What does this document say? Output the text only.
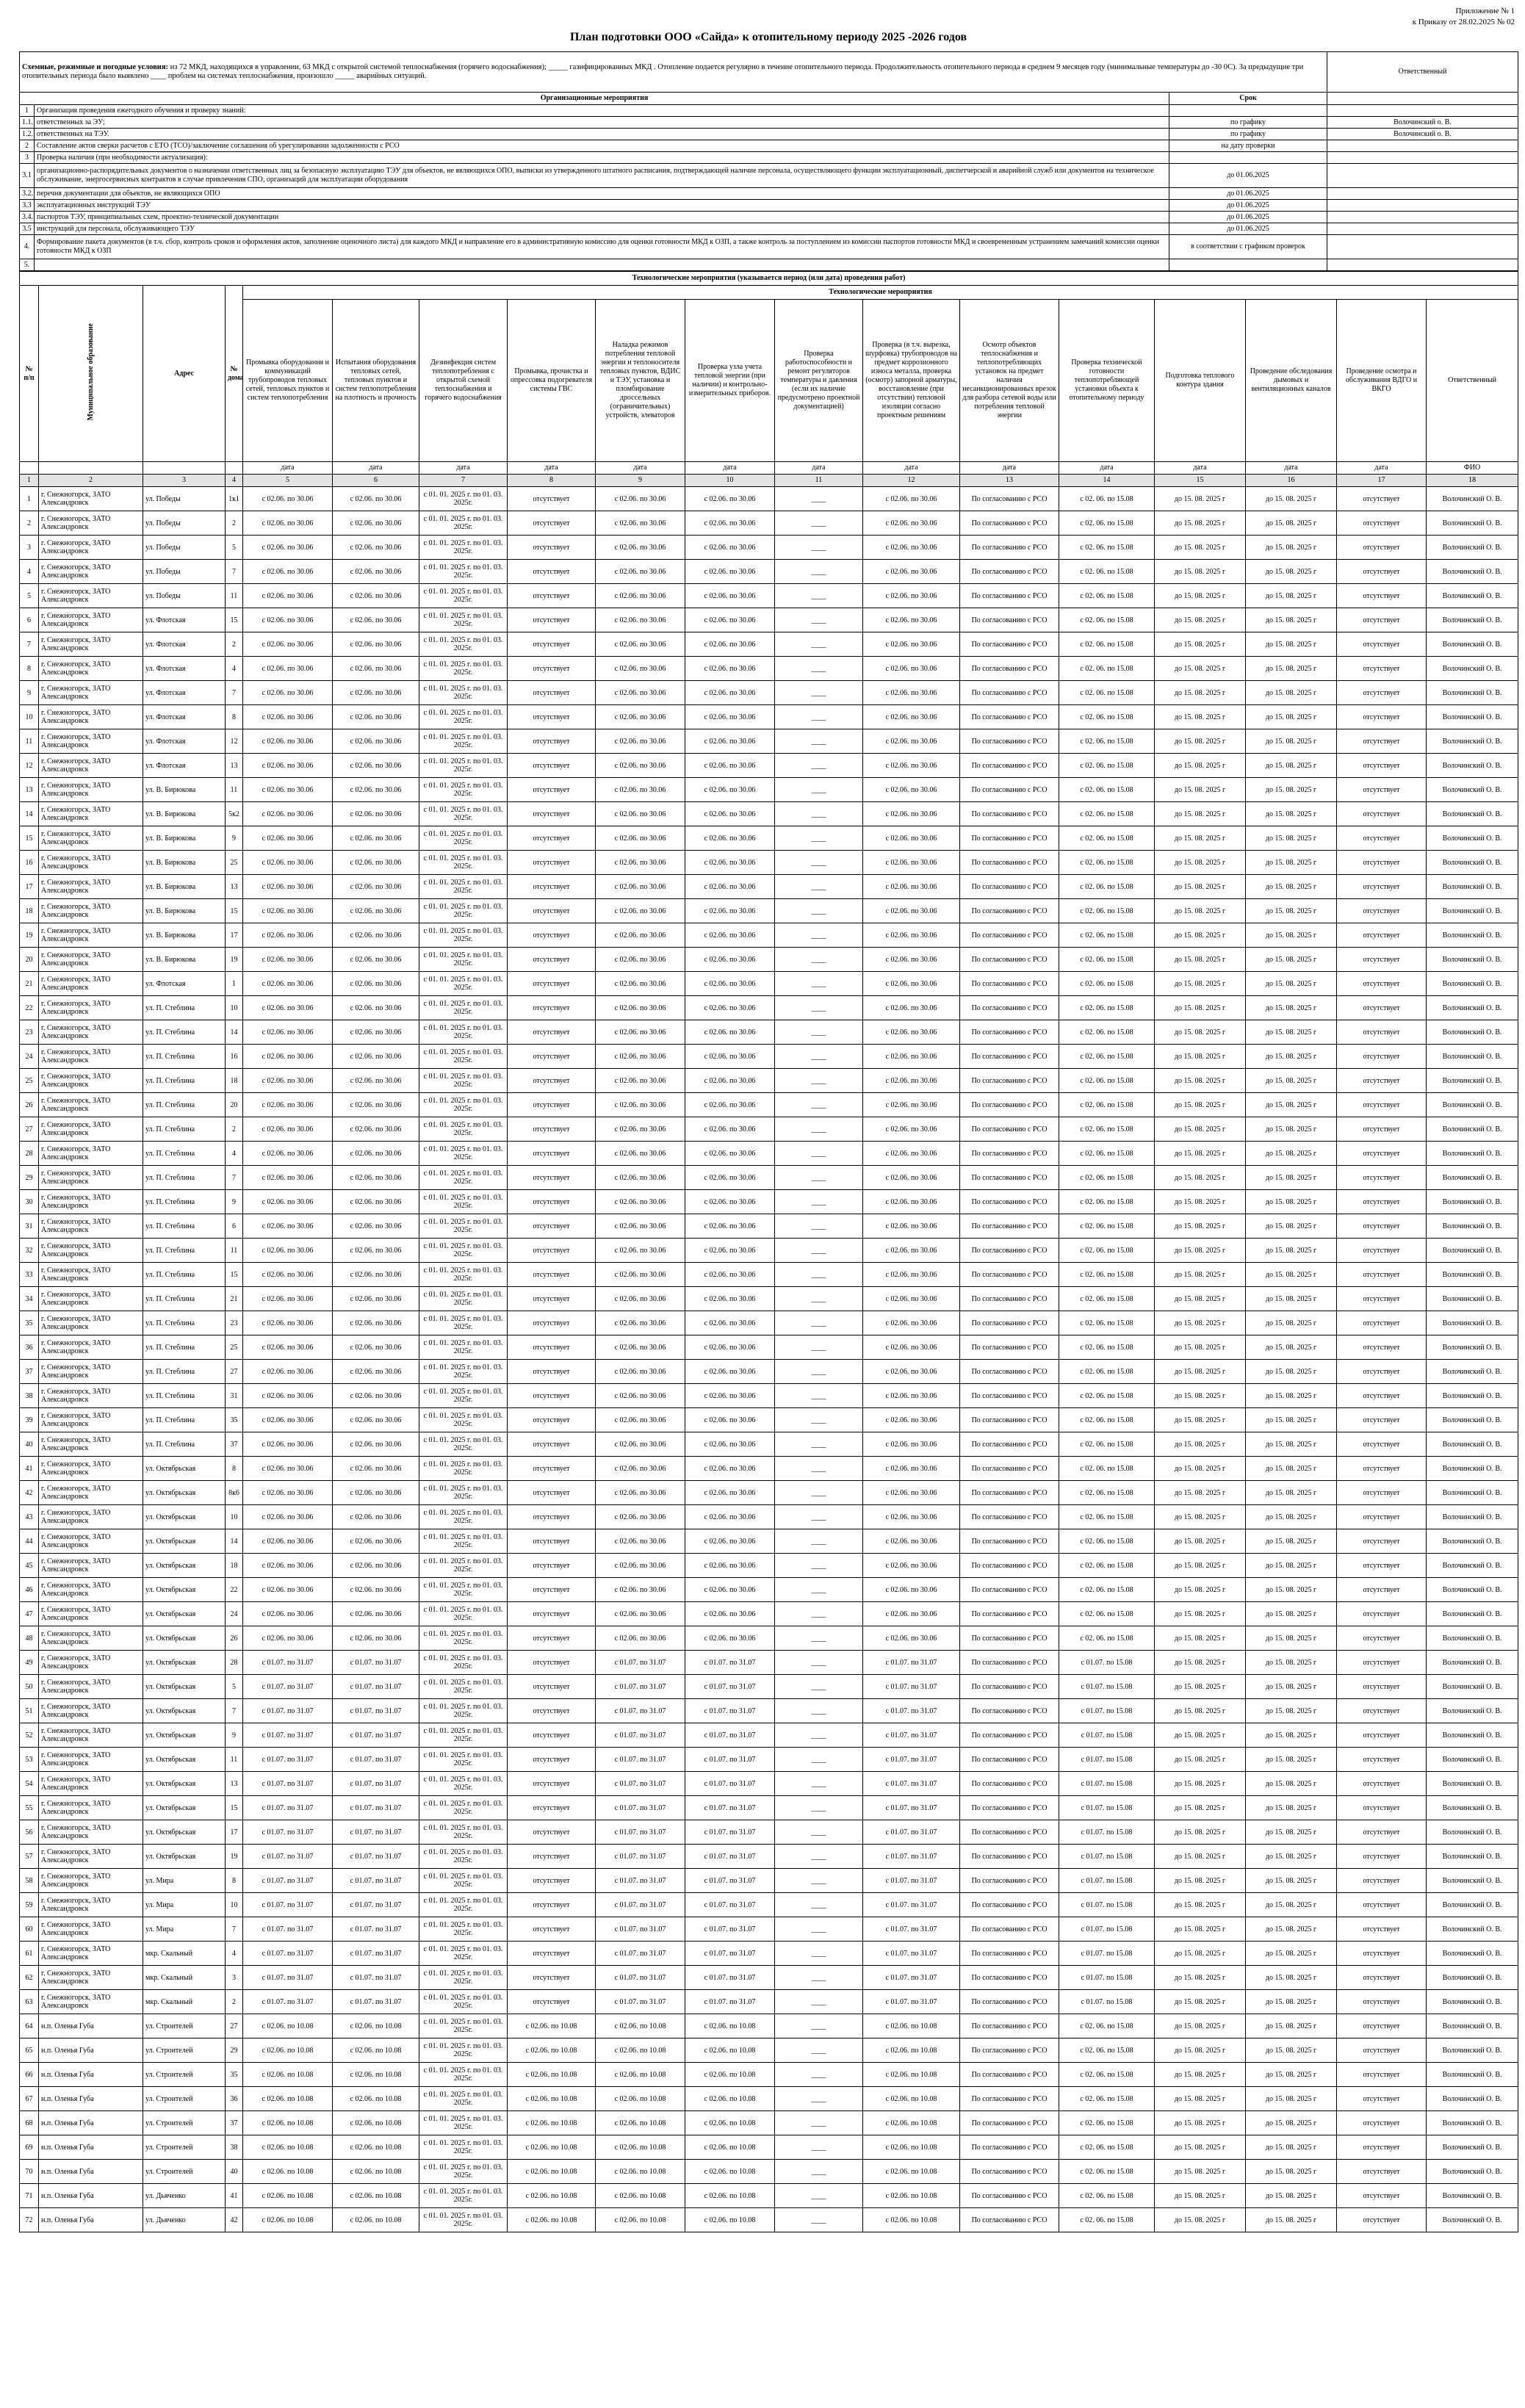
Приложение № 1
к Приказу от 28.02.2025 № 02
План подготовки ООО «Сайда» к отопительному периоду 2025 -2026 годов
Схемные, режимные и погодные условия: из 72 МКД, находящихся в управлении, 63 МКД с открытой системой теплоснабжения (горячего водоснабжения); _____ газифицированных МКД . Отопление подается регулярно в течение отопительного периода. Продолжительность отопительного периода в среднем 9 месяцев году (минимальные температуры до -30 0С). За предыдущие три отопительных периода было выявлено ____ проблем на системах теплоснабжения, произошло _____ аварийных ситуаций.			Ответственный
Организационные мероприятия		Срок	
1	Организация проведения ежегодного обучения и проверку знаний:		
1.1.	ответственных за ЭУ;	по графику	Волочинский о. В.
1.2.	ответственных на ТЭУ.	по графику	Волочинский о. В.
2	Составление актов сверки расчетов с ЕТО (ТСО)/заключение соглашения об урегулировании задолженности с РСО	на дату проверки	
3	Проверка наличия (при необходимости актуализация):		
3.1	организационно-распорядительных документов о назначении ответственных лиц за безопасную эксплуатацию ТЭУ для объектов, не являющихся ОПО, выписки из утвержденного штатного расписания, подтверждающей наличие персонала, осуществляющего функции эксплуатационный, диспетчерской и аварийной служб или документов на техническое обслуживание, энергосервисных контрактов в случае привлечения СПО, организаций для эксплуатации оборудования	до 01.06.2025	
3.2.	перечня документации для объектов, не являющихся ОПО	до 01.06.2025	
3.3	эксплуатационных инструкций ТЭУ	до 01.06.2025	
3.4.	паспортов ТЭУ, принципиальных схем, проектно-технической документации	до 01.06.2025	
3.5	инструкций для персонала, обслуживающего ТЭУ	до 01.06.2025	
4.	Формирование пакета документов (в т.ч. сбор, контроль сроков и оформления актов, заполнение оценочного листа) для каждого МКД и направление его в административную комиссию для оценки готовности МКД к ОЗП, а также контроль за поступлением из комиссии паспортов готовности МКД и своевременным устранением замечаний комиссии оценки готовности МКД к ОЗП	в соответствии с графиком проверок	
5.			
Технологические мероприятия (указывается период (или дата) проведения работ)																	
№ п/п	Муниципальное образование	Адрес	№ дома	Технологические мероприятия													
				Промывка оборудования и коммуникаций трубопроводов тепловых сетей, тепловых пунктов и систем теплопотребления	Испытания оборудования тепловых сетей, тепловых пунктов и систем теплопотребления на плотность и прочность	Дезинфекция систем теплопотребления с открытой схемой теплоснабжения и горячего водоснабжения	Промывка, прочистка и опрессовка подогревателя системы ГВС	Наладка режимов потребления тепловой энергии и теплоносителя тепловых пунктов, ВДИС и ТЭУ, установка и пломбирование дроссельных (ограничительных) устройств, элеваторов	Проверка узла учета тепловой энергии (при наличии) и контрольно-измерительных приборов.	Проверка работоспособности и ремонт регуляторов температуры и давления (если их наличие предусмотрено проектной документацией)	Проверка (в т.ч. вырезка, шурфовка) трубопроводов на предмет коррозионного износа металла, проверка (осмотр) запорной арматуры, восстановление (при отсутствии) тепловой изоляции согласно проектным решениям	Осмотр объектов теплоснабжения и теплопотребляющих установок на предмет наличия несанкционированных врезок для разбора сетевой воды или потребления тепловой энергии	Проверка технической готовности теплопотребляющей установки объекта к отопительному периоду	Подготовка теплового контура здания	Проведение обследования дымовых и вентиляционных каналов	Проведение осмотра и обслуживания ВДГО и ВКГО	Ответственный
				дата	дата	дата	дата	дата	дата	дата	дата	дата	дата	дата	дата	дата	ФИО
1	2	3	4	5	6	7	8	9	10	11	12	13	14	15	16	17	18
1	г. Снежногорск, ЗАТО Александровск	ул. Победы	1к1	с 02.06. по 30.06	с 02.06. по 30.06	с 01. 01. 2025 г. по 01. 03. 2025г.	отсутствует	с 02.06. по 30.06	с 02.06. по 30.06	____	с 02.06. по 30.06	По согласованию с РСО	с 02. 06. по 15.08	до 15. 08. 2025 г	до 15. 08. 2025 г	отсутствует	Волочинский О. В.
2	г. Снежногорск, ЗАТО Александровск	ул. Победы	2	с 02.06. по 30.06	с 02.06. по 30.06	с 01. 01. 2025 г. по 01. 03. 2025г.	отсутствует	с 02.06. по 30.06	с 02.06. по 30.06	____	с 02.06. по 30.06	По согласованию с РСО	с 02. 06. по 15.08	до 15. 08. 2025 г	до 15. 08. 2025 г	отсутствует	Волочинский О. В.
3	г. Снежногорск, ЗАТО Александровск	ул. Победы	5	с 02.06. по 30.06	с 02.06. по 30.06	с 01. 01. 2025 г. по 01. 03. 2025г.	отсутствует	с 02.06. по 30.06	с 02.06. по 30.06	____	с 02.06. по 30.06	По согласованию с РСО	с 02. 06. по 15.08	до 15. 08. 2025 г	до 15. 08. 2025 г	отсутствует	Волочинский О. В.
4	г. Снежногорск, ЗАТО Александровск	ул. Победы	7	с 02.06. по 30.06	с 02.06. по 30.06	с 01. 01. 2025 г. по 01. 03. 2025г.	отсутствует	с 02.06. по 30.06	с 02.06. по 30.06	____	с 02.06. по 30.06	По согласованию с РСО	с 02. 06. по 15.08	до 15. 08. 2025 г	до 15. 08. 2025 г	отсутствует	Волочинский О. В.
5	г. Снежногорск, ЗАТО Александровск	ул. Победы	11	с 02.06. по 30.06	с 02.06. по 30.06	с 01. 01. 2025 г. по 01. 03. 2025г.	отсутствует	с 02.06. по 30.06	с 02.06. по 30.06	____	с 02.06. по 30.06	По согласованию с РСО	с 02. 06. по 15.08	до 15. 08. 2025 г	до 15. 08. 2025 г	отсутствует	Волочинский О. В.
6	г. Снежногорск, ЗАТО Александровск	ул. Флотская	15	с 02.06. по 30.06	с 02.06. по 30.06	с 01. 01. 2025 г. по 01. 03. 2025г.	отсутствует	с 02.06. по 30.06	с 02.06. по 30.06	____	с 02.06. по 30.06	По согласованию с РСО	с 02. 06. по 15.08	до 15. 08. 2025 г	до 15. 08. 2025 г	отсутствует	Волочинский О. В.
7	г. Снежногорск, ЗАТО Александровск	ул. Флотская	2	с 02.06. по 30.06	с 02.06. по 30.06	с 01. 01. 2025 г. по 01. 03. 2025г.	отсутствует	с 02.06. по 30.06	с 02.06. по 30.06	____	с 02.06. по 30.06	По согласованию с РСО	с 02. 06. по 15.08	до 15. 08. 2025 г	до 15. 08. 2025 г	отсутствует	Волочинский О. В.
8	г. Снежногорск, ЗАТО Александровск	ул. Флотская	4	с 02.06. по 30.06	с 02.06. по 30.06	с 01. 01. 2025 г. по 01. 03. 2025г.	отсутствует	с 02.06. по 30.06	с 02.06. по 30.06	____	с 02.06. по 30.06	По согласованию с РСО	с 02. 06. по 15.08	до 15. 08. 2025 г	до 15. 08. 2025 г	отсутствует	Волочинский О. В.
9	г. Снежногорск, ЗАТО Александровск	ул. Флотская	7	с 02.06. по 30.06	с 02.06. по 30.06	с 01. 01. 2025 г. по 01. 03. 2025г.	отсутствует	с 02.06. по 30.06	с 02.06. по 30.06	____	с 02.06. по 30.06	По согласованию с РСО	с 02. 06. по 15.08	до 15. 08. 2025 г	до 15. 08. 2025 г	отсутствует	Волочинский О. В.
10	г. Снежногорск, ЗАТО Александровск	ул. Флотская	8	с 02.06. по 30.06	с 02.06. по 30.06	с 01. 01. 2025 г. по 01. 03. 2025г.	отсутствует	с 02.06. по 30.06	с 02.06. по 30.06	____	с 02.06. по 30.06	По согласованию с РСО	с 02. 06. по 15.08	до 15. 08. 2025 г	до 15. 08. 2025 г	отсутствует	Волочинский О. В.
11	г. Снежногорск, ЗАТО Александровск	ул. Флотская	12	с 02.06. по 30.06	с 02.06. по 30.06	с 01. 01. 2025 г. по 01. 03. 2025г.	отсутствует	с 02.06. по 30.06	с 02.06. по 30.06	____	с 02.06. по 30.06	По согласованию с РСО	с 02. 06. по 15.08	до 15. 08. 2025 г	до 15. 08. 2025 г	отсутствует	Волочинский О. В.
12	г. Снежногорск, ЗАТО Александровск	ул. Флотская	13	с 02.06. по 30.06	с 02.06. по 30.06	с 01. 01. 2025 г. по 01. 03. 2025г.	отсутствует	с 02.06. по 30.06	с 02.06. по 30.06	____	с 02.06. по 30.06	По согласованию с РСО	с 02. 06. по 15.08	до 15. 08. 2025 г	до 15. 08. 2025 г	отсутствует	Волочинский О. В.
13	г. Снежногорск, ЗАТО Александровск	ул. В. Бирюкова	11	с 02.06. по 30.06	с 02.06. по 30.06	с 01. 01. 2025 г. по 01. 03. 2025г.	отсутствует	с 02.06. по 30.06	с 02.06. по 30.06	____	с 02.06. по 30.06	По согласованию с РСО	с 02. 06. по 15.08	до 15. 08. 2025 г	до 15. 08. 2025 г	отсутствует	Волочинский О. В.
14	г. Снежногорск, ЗАТО Александровск	ул. В. Бирюкова	5к2	с 02.06. по 30.06	с 02.06. по 30.06	с 01. 01. 2025 г. по 01. 03. 2025г.	отсутствует	с 02.06. по 30.06	с 02.06. по 30.06	____	с 02.06. по 30.06	По согласованию с РСО	с 02. 06. по 15.08	до 15. 08. 2025 г	до 15. 08. 2025 г	отсутствует	Волочинский О. В.
15	г. Снежногорск, ЗАТО Александровск	ул. В. Бирюкова	9	с 02.06. по 30.06	с 02.06. по 30.06	с 01. 01. 2025 г. по 01. 03. 2025г.	отсутствует	с 02.06. по 30.06	с 02.06. по 30.06	____	с 02.06. по 30.06	По согласованию с РСО	с 02. 06. по 15.08	до 15. 08. 2025 г	до 15. 08. 2025 г	отсутствует	Волочинский О. В.
16	г. Снежногорск, ЗАТО Александровск	ул. В. Бирюкова	25	с 02.06. по 30.06	с 02.06. по 30.06	с 01. 01. 2025 г. по 01. 03. 2025г.	отсутствует	с 02.06. по 30.06	с 02.06. по 30.06	____	с 02.06. по 30.06	По согласованию с РСО	с 02. 06. по 15.08	до 15. 08. 2025 г	до 15. 08. 2025 г	отсутствует	Волочинский О. В.
17	г. Снежногорск, ЗАТО Александровск	ул. В. Бирюкова	13	с 02.06. по 30.06	с 02.06. по 30.06	с 01. 01. 2025 г. по 01. 03. 2025г.	отсутствует	с 02.06. по 30.06	с 02.06. по 30.06	____	с 02.06. по 30.06	По согласованию с РСО	с 02. 06. по 15.08	до 15. 08. 2025 г	до 15. 08. 2025 г	отсутствует	Волочинский О. В.
18	г. Снежногорск, ЗАТО Александровск	ул. В. Бирюкова	15	с 02.06. по 30.06	с 02.06. по 30.06	с 01. 01. 2025 г. по 01. 03. 2025г.	отсутствует	с 02.06. по 30.06	с 02.06. по 30.06	____	с 02.06. по 30.06	По согласованию с РСО	с 02. 06. по 15.08	до 15. 08. 2025 г	до 15. 08. 2025 г	отсутствует	Волочинский О. В.
19	г. Снежногорск, ЗАТО Александровск	ул. В. Бирюкова	17	с 02.06. по 30.06	с 02.06. по 30.06	с 01. 01. 2025 г. по 01. 03. 2025г.	отсутствует	с 02.06. по 30.06	с 02.06. по 30.06	____	с 02.06. по 30.06	По согласованию с РСО	с 02. 06. по 15.08	до 15. 08. 2025 г	до 15. 08. 2025 г	отсутствует	Волочинский О. В.
20	г. Снежногорск, ЗАТО Александровск	ул. В. Бирюкова	19	с 02.06. по 30.06	с 02.06. по 30.06	с 01. 01. 2025 г. по 01. 03. 2025г.	отсутствует	с 02.06. по 30.06	с 02.06. по 30.06	____	с 02.06. по 30.06	По согласованию с РСО	с 02. 06. по 15.08	до 15. 08. 2025 г	до 15. 08. 2025 г	отсутствует	Волочинский О. В.
21	г. Снежногорск, ЗАТО Александровск	ул. Флотская	1	с 02.06. по 30.06	с 02.06. по 30.06	с 01. 01. 2025 г. по 01. 03. 2025г.	отсутствует	с 02.06. по 30.06	с 02.06. по 30.06	____	с 02.06. по 30.06	По согласованию с РСО	с 02. 06. по 15.08	до 15. 08. 2025 г	до 15. 08. 2025 г	отсутствует	Волочинский О. В.
22	г. Снежногорск, ЗАТО Александровск	ул. П. Стеблина	10	с 02.06. по 30.06	с 02.06. по 30.06	с 01. 01. 2025 г. по 01. 03. 2025г.	отсутствует	с 02.06. по 30.06	с 02.06. по 30.06	____	с 02.06. по 30.06	По согласованию с РСО	с 02. 06. по 15.08	до 15. 08. 2025 г	до 15. 08. 2025 г	отсутствует	Волочинский О. В.
23	г. Снежногорск, ЗАТО Александровск	ул. П. Стеблина	14	с 02.06. по 30.06	с 02.06. по 30.06	с 01. 01. 2025 г. по 01. 03. 2025г.	отсутствует	с 02.06. по 30.06	с 02.06. по 30.06	____	с 02.06. по 30.06	По согласованию с РСО	с 02. 06. по 15.08	до 15. 08. 2025 г	до 15. 08. 2025 г	отсутствует	Волочинский О. В.
24	г. Снежногорск, ЗАТО Александровск	ул. П. Стеблина	16	с 02.06. по 30.06	с 02.06. по 30.06	с 01. 01. 2025 г. по 01. 03. 2025г.	отсутствует	с 02.06. по 30.06	с 02.06. по 30.06	____	с 02.06. по 30.06	По согласованию с РСО	с 02. 06. по 15.08	до 15. 08. 2025 г	до 15. 08. 2025 г	отсутствует	Волочинский О. В.
25	г. Снежногорск, ЗАТО Александровск	ул. П. Стеблина	18	с 02.06. по 30.06	с 02.06. по 30.06	с 01. 01. 2025 г. по 01. 03. 2025г.	отсутствует	с 02.06. по 30.06	с 02.06. по 30.06	____	с 02.06. по 30.06	По согласованию с РСО	с 02. 06. по 15.08	до 15. 08. 2025 г	до 15. 08. 2025 г	отсутствует	Волочинский О. В.
26	г. Снежногорск, ЗАТО Александровск	ул. П. Стеблина	20	с 02.06. по 30.06	с 02.06. по 30.06	с 01. 01. 2025 г. по 01. 03. 2025г.	отсутствует	с 02.06. по 30.06	с 02.06. по 30.06	____	с 02.06. по 30.06	По согласованию с РСО	с 02. 06. по 15.08	до 15. 08. 2025 г	до 15. 08. 2025 г	отсутствует	Волочинский О. В.
27	г. Снежногорск, ЗАТО Александровск	ул. П. Стеблина	2	с 02.06. по 30.06	с 02.06. по 30.06	с 01. 01. 2025 г. по 01. 03. 2025г.	отсутствует	с 02.06. по 30.06	с 02.06. по 30.06	____	с 02.06. по 30.06	По согласованию с РСО	с 02. 06. по 15.08	до 15. 08. 2025 г	до 15. 08. 2025 г	отсутствует	Волочинский О. В.
28	г. Снежногорск, ЗАТО Александровск	ул. П. Стеблина	4	с 02.06. по 30.06	с 02.06. по 30.06	с 01. 01. 2025 г. по 01. 03. 2025г.	отсутствует	с 02.06. по 30.06	с 02.06. по 30.06	____	с 02.06. по 30.06	По согласованию с РСО	с 02. 06. по 15.08	до 15. 08. 2025 г	до 15. 08. 2025 г	отсутствует	Волочинский О. В.
29	г. Снежногорск, ЗАТО Александровск	ул. П. Стеблина	7	с 02.06. по 30.06	с 02.06. по 30.06	с 01. 01. 2025 г. по 01. 03. 2025г.	отсутствует	с 02.06. по 30.06	с 02.06. по 30.06	____	с 02.06. по 30.06	По согласованию с РСО	с 02. 06. по 15.08	до 15. 08. 2025 г	до 15. 08. 2025 г	отсутствует	Волочинский О. В.
30	г. Снежногорск, ЗАТО Александровск	ул. П. Стеблина	9	с 02.06. по 30.06	с 02.06. по 30.06	с 01. 01. 2025 г. по 01. 03. 2025г.	отсутствует	с 02.06. по 30.06	с 02.06. по 30.06	____	с 02.06. по 30.06	По согласованию с РСО	с 02. 06. по 15.08	до 15. 08. 2025 г	до 15. 08. 2025 г	отсутствует	Волочинский О. В.
31	г. Снежногорск, ЗАТО Александровск	ул. П. Стеблина	6	с 02.06. по 30.06	с 02.06. по 30.06	с 01. 01. 2025 г. по 01. 03. 2025г.	отсутствует	с 02.06. по 30.06	с 02.06. по 30.06	____	с 02.06. по 30.06	По согласованию с РСО	с 02. 06. по 15.08	до 15. 08. 2025 г	до 15. 08. 2025 г	отсутствует	Волочинский О. В.
32	г. Снежногорск, ЗАТО Александровск	ул. П. Стеблина	11	с 02.06. по 30.06	с 02.06. по 30.06	с 01. 01. 2025 г. по 01. 03. 2025г.	отсутствует	с 02.06. по 30.06	с 02.06. по 30.06	____	с 02.06. по 30.06	По согласованию с РСО	с 02. 06. по 15.08	до 15. 08. 2025 г	до 15. 08. 2025 г	отсутствует	Волочинский О. В.
33	г. Снежногорск, ЗАТО Александровск	ул. П. Стеблина	15	с 02.06. по 30.06	с 02.06. по 30.06	с 01. 01. 2025 г. по 01. 03. 2025г.	отсутствует	с 02.06. по 30.06	с 02.06. по 30.06	____	с 02.06. по 30.06	По согласованию с РСО	с 02. 06. по 15.08	до 15. 08. 2025 г	до 15. 08. 2025 г	отсутствует	Волочинский О. В.
34	г. Снежногорск, ЗАТО Александровск	ул. П. Стеблина	21	с 02.06. по 30.06	с 02.06. по 30.06	с 01. 01. 2025 г. по 01. 03. 2025г.	отсутствует	с 02.06. по 30.06	с 02.06. по 30.06	____	с 02.06. по 30.06	По согласованию с РСО	с 02. 06. по 15.08	до 15. 08. 2025 г	до 15. 08. 2025 г	отсутствует	Волочинский О. В.
35	г. Снежногорск, ЗАТО Александровск	ул. П. Стеблина	23	с 02.06. по 30.06	с 02.06. по 30.06	с 01. 01. 2025 г. по 01. 03. 2025г.	отсутствует	с 02.06. по 30.06	с 02.06. по 30.06	____	с 02.06. по 30.06	По согласованию с РСО	с 02. 06. по 15.08	до 15. 08. 2025 г	до 15. 08. 2025 г	отсутствует	Волочинский О. В.
36	г. Снежногорск, ЗАТО Александровск	ул. П. Стеблина	25	с 02.06. по 30.06	с 02.06. по 30.06	с 01. 01. 2025 г. по 01. 03. 2025г.	отсутствует	с 02.06. по 30.06	с 02.06. по 30.06	____	с 02.06. по 30.06	По согласованию с РСО	с 02. 06. по 15.08	до 15. 08. 2025 г	до 15. 08. 2025 г	отсутствует	Волочинский О. В.
37	г. Снежногорск, ЗАТО Александровск	ул. П. Стеблина	27	с 02.06. по 30.06	с 02.06. по 30.06	с 01. 01. 2025 г. по 01. 03. 2025г.	отсутствует	с 02.06. по 30.06	с 02.06. по 30.06	____	с 02.06. по 30.06	По согласованию с РСО	с 02. 06. по 15.08	до 15. 08. 2025 г	до 15. 08. 2025 г	отсутствует	Волочинский О. В.
38	г. Снежногорск, ЗАТО Александровск	ул. П. Стеблина	31	с 02.06. по 30.06	с 02.06. по 30.06	с 01. 01. 2025 г. по 01. 03. 2025г.	отсутствует	с 02.06. по 30.06	с 02.06. по 30.06	____	с 02.06. по 30.06	По согласованию с РСО	с 02. 06. по 15.08	до 15. 08. 2025 г	до 15. 08. 2025 г	отсутствует	Волочинский О. В.
39	г. Снежногорск, ЗАТО Александровск	ул. П. Стеблина	35	с 02.06. по 30.06	с 02.06. по 30.06	с 01. 01. 2025 г. по 01. 03. 2025г.	отсутствует	с 02.06. по 30.06	с 02.06. по 30.06	____	с 02.06. по 30.06	По согласованию с РСО	с 02. 06. по 15.08	до 15. 08. 2025 г	до 15. 08. 2025 г	отсутствует	Волочинский О. В.
40	г. Снежногорск, ЗАТО Александровск	ул. П. Стеблина	37	с 02.06. по 30.06	с 02.06. по 30.06	с 01. 01. 2025 г. по 01. 03. 2025г.	отсутствует	с 02.06. по 30.06	с 02.06. по 30.06	____	с 02.06. по 30.06	По согласованию с РСО	с 02. 06. по 15.08	до 15. 08. 2025 г	до 15. 08. 2025 г	отсутствует	Волочинский О. В.
41	г. Снежногорск, ЗАТО Александровск	ул. Октябрьская	8	с 02.06. по 30.06	с 02.06. по 30.06	с 01. 01. 2025 г. по 01. 03. 2025г.	отсутствует	с 02.06. по 30.06	с 02.06. по 30.06	____	с 02.06. по 30.06	По согласованию с РСО	с 02. 06. по 15.08	до 15. 08. 2025 г	до 15. 08. 2025 г	отсутствует	Волочинский О. В.
42	г. Снежногорск, ЗАТО Александровск	ул. Октябрьская	8к6	с 02.06. по 30.06	с 02.06. по 30.06	с 01. 01. 2025 г. по 01. 03. 2025г.	отсутствует	с 02.06. по 30.06	с 02.06. по 30.06	____	с 02.06. по 30.06	По согласованию с РСО	с 02. 06. по 15.08	до 15. 08. 2025 г	до 15. 08. 2025 г	отсутствует	Волочинский О. В.
43	г. Снежногорск, ЗАТО Александровск	ул. Октябрьская	10	с 02.06. по 30.06	с 02.06. по 30.06	с 01. 01. 2025 г. по 01. 03. 2025г.	отсутствует	с 02.06. по 30.06	с 02.06. по 30.06	____	с 02.06. по 30.06	По согласованию с РСО	с 02. 06. по 15.08	до 15. 08. 2025 г	до 15. 08. 2025 г	отсутствует	Волочинский О. В.
44	г. Снежногорск, ЗАТО Александровск	ул. Октябрьская	14	с 02.06. по 30.06	с 02.06. по 30.06	с 01. 01. 2025 г. по 01. 03. 2025г.	отсутствует	с 02.06. по 30.06	с 02.06. по 30.06	____	с 02.06. по 30.06	По согласованию с РСО	с 02. 06. по 15.08	до 15. 08. 2025 г	до 15. 08. 2025 г	отсутствует	Волочинский О. В.
45	г. Снежногорск, ЗАТО Александровск	ул. Октябрьская	18	с 02.06. по 30.06	с 02.06. по 30.06	с 01. 01. 2025 г. по 01. 03. 2025г.	отсутствует	с 02.06. по 30.06	с 02.06. по 30.06	____	с 02.06. по 30.06	По согласованию с РСО	с 02. 06. по 15.08	до 15. 08. 2025 г	до 15. 08. 2025 г	отсутствует	Волочинский О. В.
46	г. Снежногорск, ЗАТО Александровск	ул. Октябрьская	22	с 02.06. по 30.06	с 02.06. по 30.06	с 01. 01. 2025 г. по 01. 03. 2025г.	отсутствует	с 02.06. по 30.06	с 02.06. по 30.06	____	с 02.06. по 30.06	По согласованию с РСО	с 02. 06. по 15.08	до 15. 08. 2025 г	до 15. 08. 2025 г	отсутствует	Волочинский О. В.
47	г. Снежногорск, ЗАТО Александровск	ул. Октябрьская	24	с 02.06. по 30.06	с 02.06. по 30.06	с 01. 01. 2025 г. по 01. 03. 2025г.	отсутствует	с 02.06. по 30.06	с 02.06. по 30.06	____	с 02.06. по 30.06	По согласованию с РСО	с 02. 06. по 15.08	до 15. 08. 2025 г	до 15. 08. 2025 г	отсутствует	Волочинский О. В.
48	г. Снежногорск, ЗАТО Александровск	ул. Октябрьская	26	с 02.06. по 30.06	с 02.06. по 30.06	с 01. 01. 2025 г. по 01. 03. 2025г.	отсутствует	с 02.06. по 30.06	с 02.06. по 30.06	____	с 02.06. по 30.06	По согласованию с РСО	с 02. 06. по 15.08	до 15. 08. 2025 г	до 15. 08. 2025 г	отсутствует	Волочинский О. В.
49	г. Снежногорск, ЗАТО Александровск	ул. Октябрьская	28	с 01.07. по 31.07	с 01.07. по 31.07	с 01. 01. 2025 г. по 01. 03. 2025г.	отсутствует	с 01.07. по 31.07	с 01.07. по 31.07	____	с 01.07. по 31.07	По согласованию с РСО	с 01.07. по 15.08	до 15. 08. 2025 г	до 15. 08. 2025 г	отсутствует	Волочинский О. В.
50	г. Снежногорск, ЗАТО Александровск	ул. Октябрьская	5	с 01.07. по 31.07	с 01.07. по 31.07	с 01. 01. 2025 г. по 01. 03. 2025г.	отсутствует	с 01.07. по 31.07	с 01.07. по 31.07	____	с 01.07. по 31.07	По согласованию с РСО	с 01.07. по 15.08	до 15. 08. 2025 г	до 15. 08. 2025 г	отсутствует	Волочинский О. В.
51	г. Снежногорск, ЗАТО Александровск	ул. Октябрьская	7	с 01.07. по 31.07	с 01.07. по 31.07	с 01. 01. 2025 г. по 01. 03. 2025г.	отсутствует	с 01.07. по 31.07	с 01.07. по 31.07	____	с 01.07. по 31.07	По согласованию с РСО	с 01.07. по 15.08	до 15. 08. 2025 г	до 15. 08. 2025 г	отсутствует	Волочинский О. В.
52	г. Снежногорск, ЗАТО Александровск	ул. Октябрьская	9	с 01.07. по 31.07	с 01.07. по 31.07	с 01. 01. 2025 г. по 01. 03. 2025г.	отсутствует	с 01.07. по 31.07	с 01.07. по 31.07	____	с 01.07. по 31.07	По согласованию с РСО	с 01.07. по 15.08	до 15. 08. 2025 г	до 15. 08. 2025 г	отсутствует	Волочинский О. В.
53	г. Снежногорск, ЗАТО Александровск	ул. Октябрьская	11	с 01.07. по 31.07	с 01.07. по 31.07	с 01. 01. 2025 г. по 01. 03. 2025г.	отсутствует	с 01.07. по 31.07	с 01.07. по 31.07	____	с 01.07. по 31.07	По согласованию с РСО	с 01.07. по 15.08	до 15. 08. 2025 г	до 15. 08. 2025 г	отсутствует	Волочинский О. В.
54	г. Снежногорск, ЗАТО Александровск	ул. Октябрьская	13	с 01.07. по 31.07	с 01.07. по 31.07	с 01. 01. 2025 г. по 01. 03. 2025г.	отсутствует	с 01.07. по 31.07	с 01.07. по 31.07	____	с 01.07. по 31.07	По согласованию с РСО	с 01.07. по 15.08	до 15. 08. 2025 г	до 15. 08. 2025 г	отсутствует	Волочинский О. В.
55	г. Снежногорск, ЗАТО Александровск	ул. Октябрьская	15	с 01.07. по 31.07	с 01.07. по 31.07	с 01. 01. 2025 г. по 01. 03. 2025г.	отсутствует	с 01.07. по 31.07	с 01.07. по 31.07	____	с 01.07. по 31.07	По согласованию с РСО	с 01.07. по 15.08	до 15. 08. 2025 г	до 15. 08. 2025 г	отсутствует	Волочинский О. В.
56	г. Снежногорск, ЗАТО Александровск	ул. Октябрьская	17	с 01.07. по 31.07	с 01.07. по 31.07	с 01. 01. 2025 г. по 01. 03. 2025г.	отсутствует	с 01.07. по 31.07	с 01.07. по 31.07	____	с 01.07. по 31.07	По согласованию с РСО	с 01.07. по 15.08	до 15. 08. 2025 г	до 15. 08. 2025 г	отсутствует	Волочинский О. В.
57	г. Снежногорск, ЗАТО Александровск	ул. Октябрьская	19	с 01.07. по 31.07	с 01.07. по 31.07	с 01. 01. 2025 г. по 01. 03. 2025г.	отсутствует	с 01.07. по 31.07	с 01.07. по 31.07	____	с 01.07. по 31.07	По согласованию с РСО	с 01.07. по 15.08	до 15. 08. 2025 г	до 15. 08. 2025 г	отсутствует	Волочинский О. В.
58	г. Снежногорск, ЗАТО Александровск	ул. Мира	8	с 01.07. по 31.07	с 01.07. по 31.07	с 01. 01. 2025 г. по 01. 03. 2025г.	отсутствует	с 01.07. по 31.07	с 01.07. по 31.07	____	с 01.07. по 31.07	По согласованию с РСО	с 01.07. по 15.08	до 15. 08. 2025 г	до 15. 08. 2025 г	отсутствует	Волочинский О. В.
59	г. Снежногорск, ЗАТО Александровск	ул. Мира	10	с 01.07. по 31.07	с 01.07. по 31.07	с 01. 01. 2025 г. по 01. 03. 2025г.	отсутствует	с 01.07. по 31.07	с 01.07. по 31.07	____	с 01.07. по 31.07	По согласованию с РСО	с 01.07. по 15.08	до 15. 08. 2025 г	до 15. 08. 2025 г	отсутствует	Волочинский О. В.
60	г. Снежногорск, ЗАТО Александровск	ул. Мира	7	с 01.07. по 31.07	с 01.07. по 31.07	с 01. 01. 2025 г. по 01. 03. 2025г.	отсутствует	с 01.07. по 31.07	с 01.07. по 31.07	____	с 01.07. по 31.07	По согласованию с РСО	с 01.07. по 15.08	до 15. 08. 2025 г	до 15. 08. 2025 г	отсутствует	Волочинский О. В.
61	г. Снежногорск, ЗАТО Александровск	мкр. Скальный	4	с 01.07. по 31.07	с 01.07. по 31.07	с 01. 01. 2025 г. по 01. 03. 2025г.	отсутствует	с 01.07. по 31.07	с 01.07. по 31.07	____	с 01.07. по 31.07	По согласованию с РСО	с 01.07. по 15.08	до 15. 08. 2025 г	до 15. 08. 2025 г	отсутствует	Волочинский О. В.
62	г. Снежногорск, ЗАТО Александровск	мкр. Скальный	3	с 01.07. по 31.07	с 01.07. по 31.07	с 01. 01. 2025 г. по 01. 03. 2025г.	отсутствует	с 01.07. по 31.07	с 01.07. по 31.07	____	с 01.07. по 31.07	По согласованию с РСО	с 01.07. по 15.08	до 15. 08. 2025 г	до 15. 08. 2025 г	отсутствует	Волочинский О. В.
63	г. Снежногорск, ЗАТО Александровск	мкр. Скальный	2	с 01.07. по 31.07	с 01.07. по 31.07	с 01. 01. 2025 г. по 01. 03. 2025г.	отсутствует	с 01.07. по 31.07	с 01.07. по 31.07	____	с 01.07. по 31.07	По согласованию с РСО	с 01.07. по 15.08	до 15. 08. 2025 г	до 15. 08. 2025 г	отсутствует	Волочинский О. В.
64	н.п. Оленья Губа	ул. Строителей	27	с 02.06. по 10.08	с 02.06. по 10.08	с 01. 01. 2025 г. по 01. 03. 2025г.	с 02.06. по 10.08	с 02.06. по 10.08	с 02.06. по 10.08	____	с 02.06. по 10.08	По согласованию с РСО	с 02. 06. по 15.08	до 15. 08. 2025 г	до 15. 08. 2025 г	отсутствует	Волочинский О. В.
65	н.п. Оленья Губа	ул. Строителей	29	с 02.06. по 10.08	с 02.06. по 10.08	с 01. 01. 2025 г. по 01. 03. 2025г.	с 02.06. по 10.08	с 02.06. по 10.08	с 02.06. по 10.08	____	с 02.06. по 10.08	По согласованию с РСО	с 02. 06. по 15.08	до 15. 08. 2025 г	до 15. 08. 2025 г	отсутствует	Волочинский О. В.
66	н.п. Оленья Губа	ул. Строителей	35	с 02.06. по 10.08	с 02.06. по 10.08	с 01. 01. 2025 г. по 01. 03. 2025г.	с 02.06. по 10.08	с 02.06. по 10.08	с 02.06. по 10.08	____	с 02.06. по 10.08	По согласованию с РСО	с 02. 06. по 15.08	до 15. 08. 2025 г	до 15. 08. 2025 г	отсутствует	Волочинский О. В.
67	н.п. Оленья Губа	ул. Строителей	36	с 02.06. по 10.08	с 02.06. по 10.08	с 01. 01. 2025 г. по 01. 03. 2025г.	с 02.06. по 10.08	с 02.06. по 10.08	с 02.06. по 10.08	____	с 02.06. по 10.08	По согласованию с РСО	с 02. 06. по 15.08	до 15. 08. 2025 г	до 15. 08. 2025 г	отсутствует	Волочинский О. В.
68	н.п. Оленья Губа	ул. Строителей	37	с 02.06. по 10.08	с 02.06. по 10.08	с 01. 01. 2025 г. по 01. 03. 2025г.	с 02.06. по 10.08	с 02.06. по 10.08	с 02.06. по 10.08	____	с 02.06. по 10.08	По согласованию с РСО	с 02. 06. по 15.08	до 15. 08. 2025 г	до 15. 08. 2025 г	отсутствует	Волочинский О. В.
69	н.п. Оленья Губа	ул. Строителей	38	с 02.06. по 10.08	с 02.06. по 10.08	с 01. 01. 2025 г. по 01. 03. 2025г.	с 02.06. по 10.08	с 02.06. по 10.08	с 02.06. по 10.08	____	с 02.06. по 10.08	По согласованию с РСО	с 02. 06. по 15.08	до 15. 08. 2025 г	до 15. 08. 2025 г	отсутствует	Волочинский О. В.
70	н.п. Оленья Губа	ул. Строителей	40	с 02.06. по 10.08	с 02.06. по 10.08	с 01. 01. 2025 г. по 01. 03. 2025г.	с 02.06. по 10.08	с 02.06. по 10.08	с 02.06. по 10.08	____	с 02.06. по 10.08	По согласованию с РСО	с 02. 06. по 15.08	до 15. 08. 2025 г	до 15. 08. 2025 г	отсутствует	Волочинский О. В.
71	н.п. Оленья Губа	ул. Дьяченко	41	с 02.06. по 10.08	с 02.06. по 10.08	с 01. 01. 2025 г. по 01. 03. 2025г.	с 02.06. по 10.08	с 02.06. по 10.08	с 02.06. по 10.08	____	с 02.06. по 10.08	По согласованию с РСО	с 02. 06. по 15.08	до 15. 08. 2025 г	до 15. 08. 2025 г	отсутствует	Волочинский О. В.
72	н.п. Оленья Губа	ул. Дьяченко	42	с 02.06. по 10.08	с 02.06. по 10.08	с 01. 01. 2025 г. по 01. 03. 2025г.	с 02.06. по 10.08	с 02.06. по 10.08	с 02.06. по 10.08	____	с 02.06. по 10.08	По согласованию с РСО	с 02. 06. по 15.08	до 15. 08. 2025 г	до 15. 08. 2025 г	отсутствует	Волочинский О. В.
